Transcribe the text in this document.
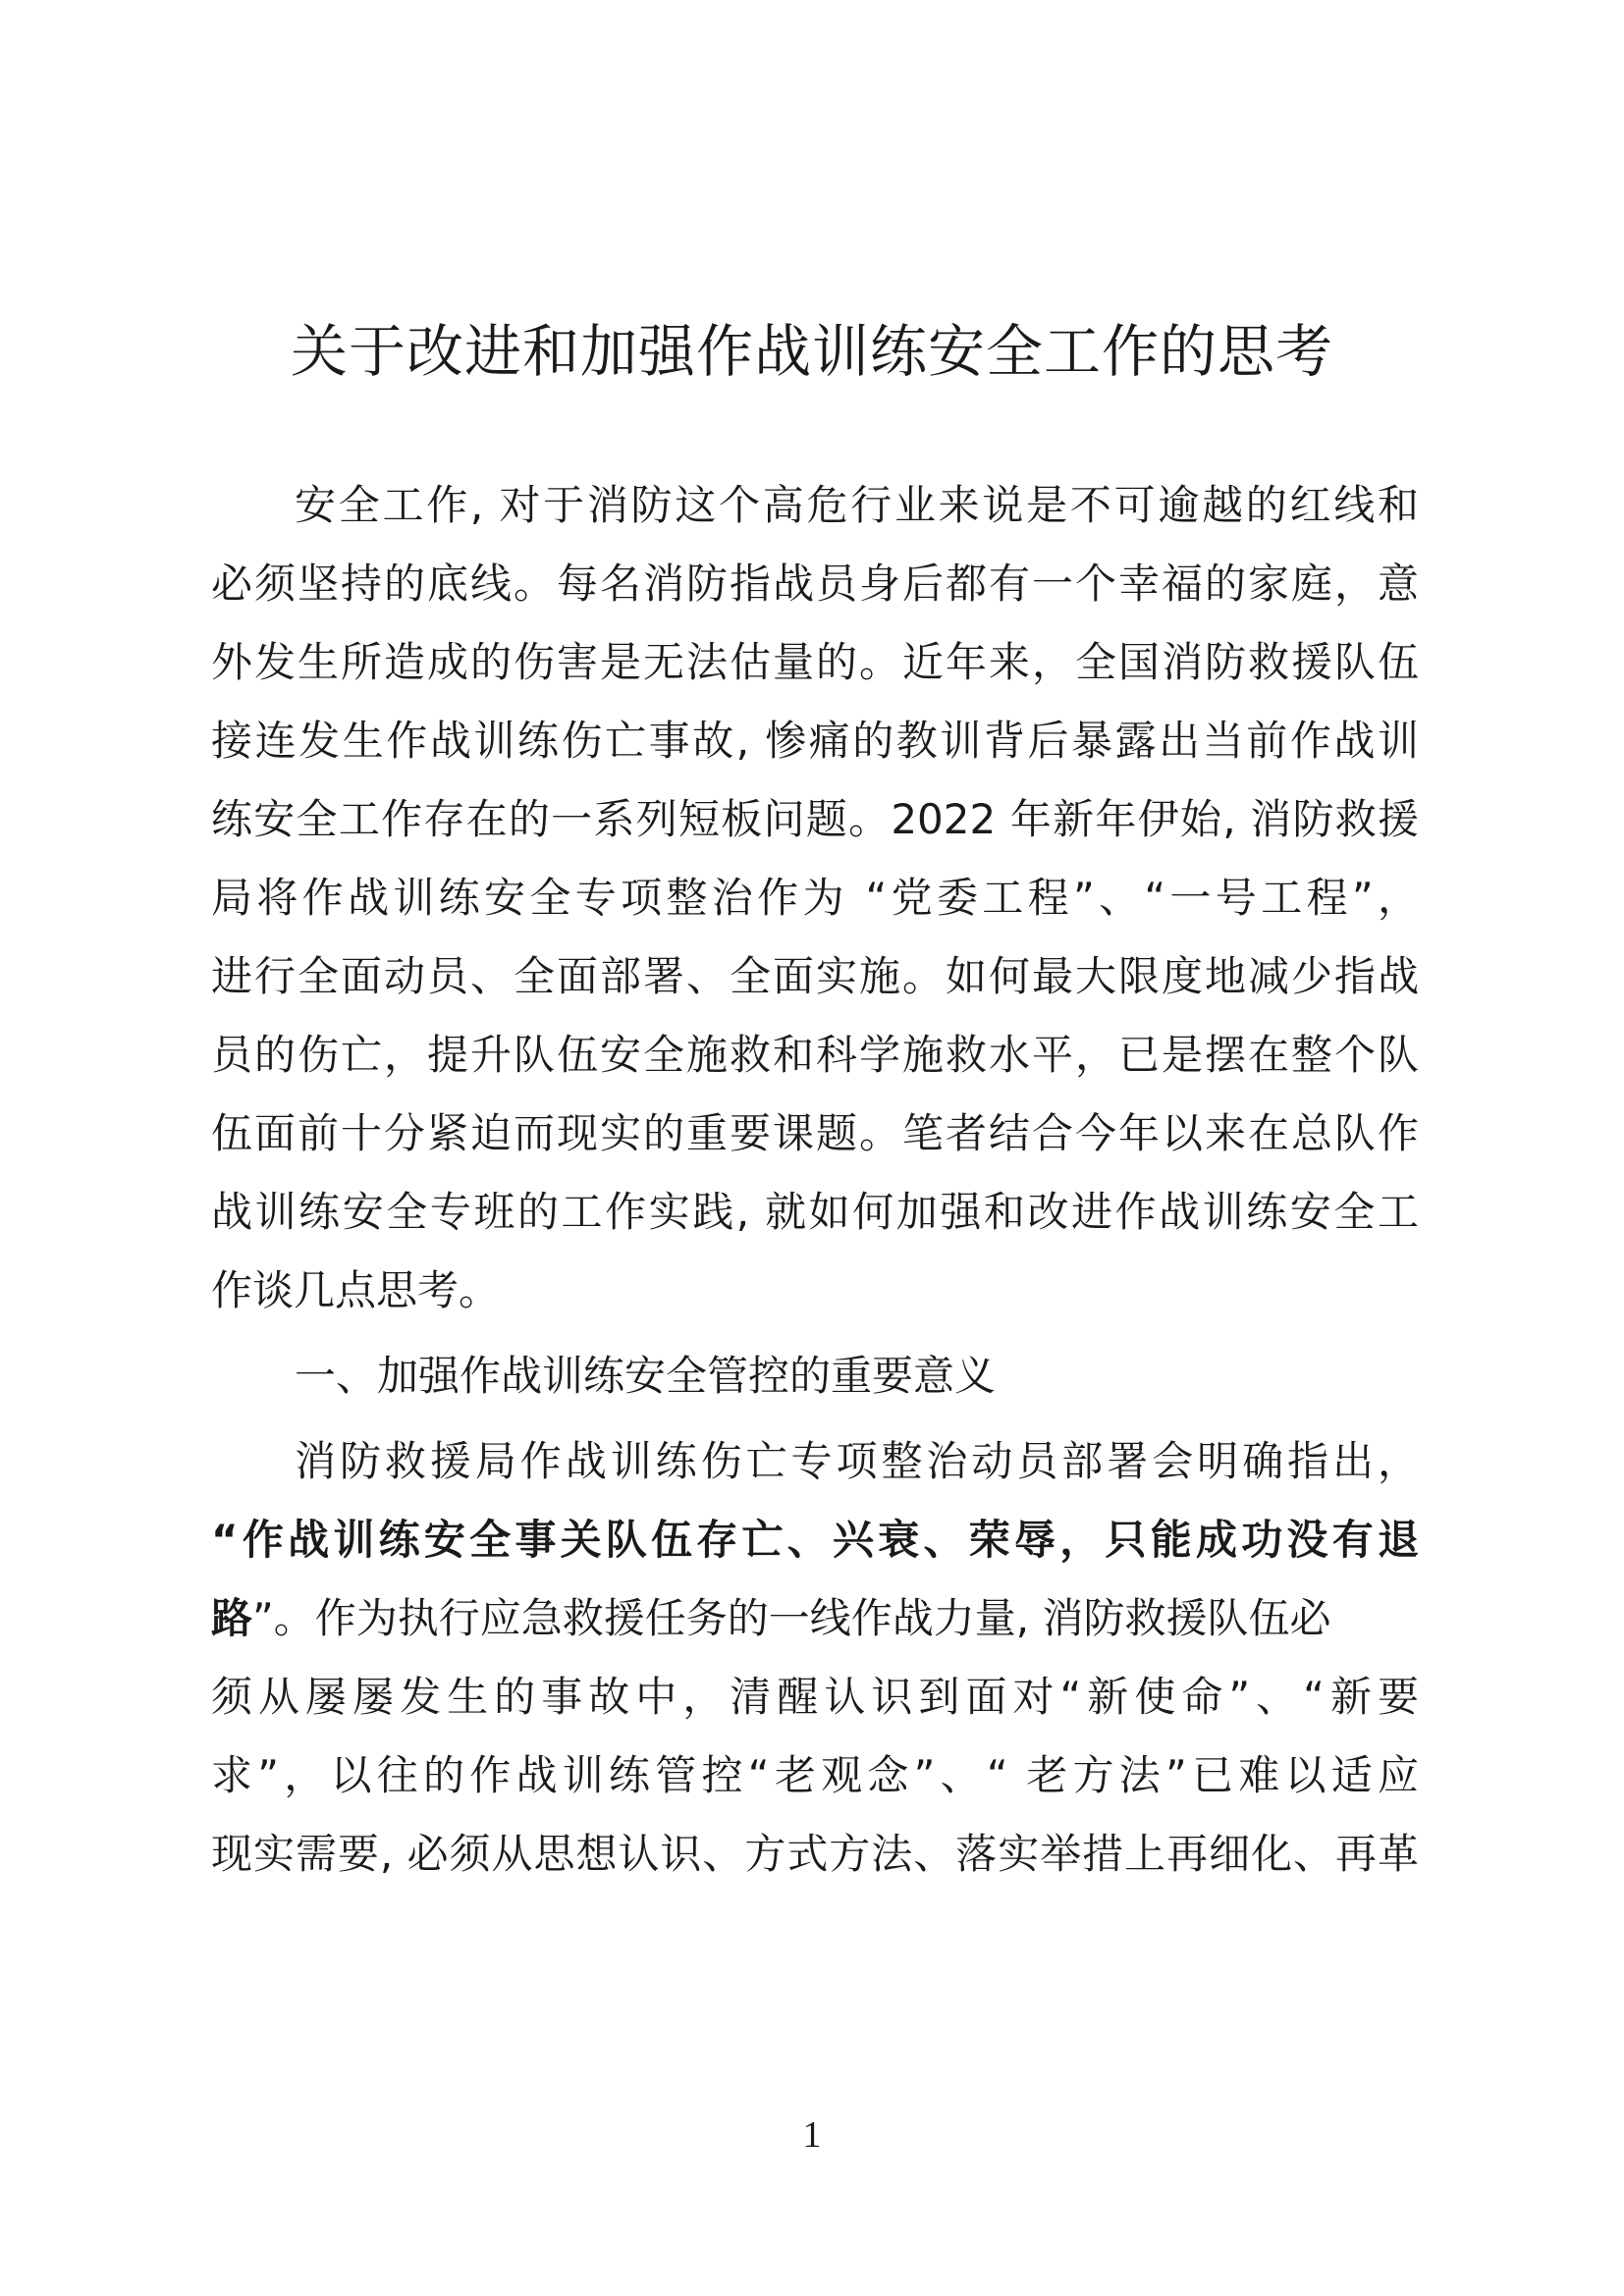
关于改进和加强作战训练安全工作的思考
安全工作, 对于消防这个高危行业来说是不可逾越的红线和
必须坚持的底线。每名消防指战员身后都有一个幸福的家庭，意
外发生所造成的伤害是无法估量的。近年来，全国消防救援队伍
接连发生作战训练伤亡事故, 惨痛的教训背后暴露出当前作战训
练安全工作存在的一系列短板问题。2022 年新年伊始, 消防救援
局将作战训练安全专项整治作为 “党委工程”、“一号工程”，
进行全面动员、全面部署、全面实施。如何最大限度地减少指战
员的伤亡，提升队伍安全施救和科学施救水平，已是摆在整个队
伍面前十分紧迫而现实的重要课题。笔者结合今年以来在总队作
战训练安全专班的工作实践, 就如何加强和改进作战训练安全工
作谈几点思考。
一、加强作战训练安全管控的重要意义
消防救援局作战训练伤亡专项整治动员部署会明确指出，
“作战训练安全事关队伍存亡、兴衰、荣辱，只能成功没有退
路”。作为执行应急救援任务的一线作战力量, 消防救援队伍必
须从屡屡发生的事故中，清醒认识到面对“新使命”、“新要
求”，以往的作战训练管控“老观念”、“ 老方法”已难以适应
现实需要, 必须从思想认识、方式方法、落实举措上再细化、再革
1
